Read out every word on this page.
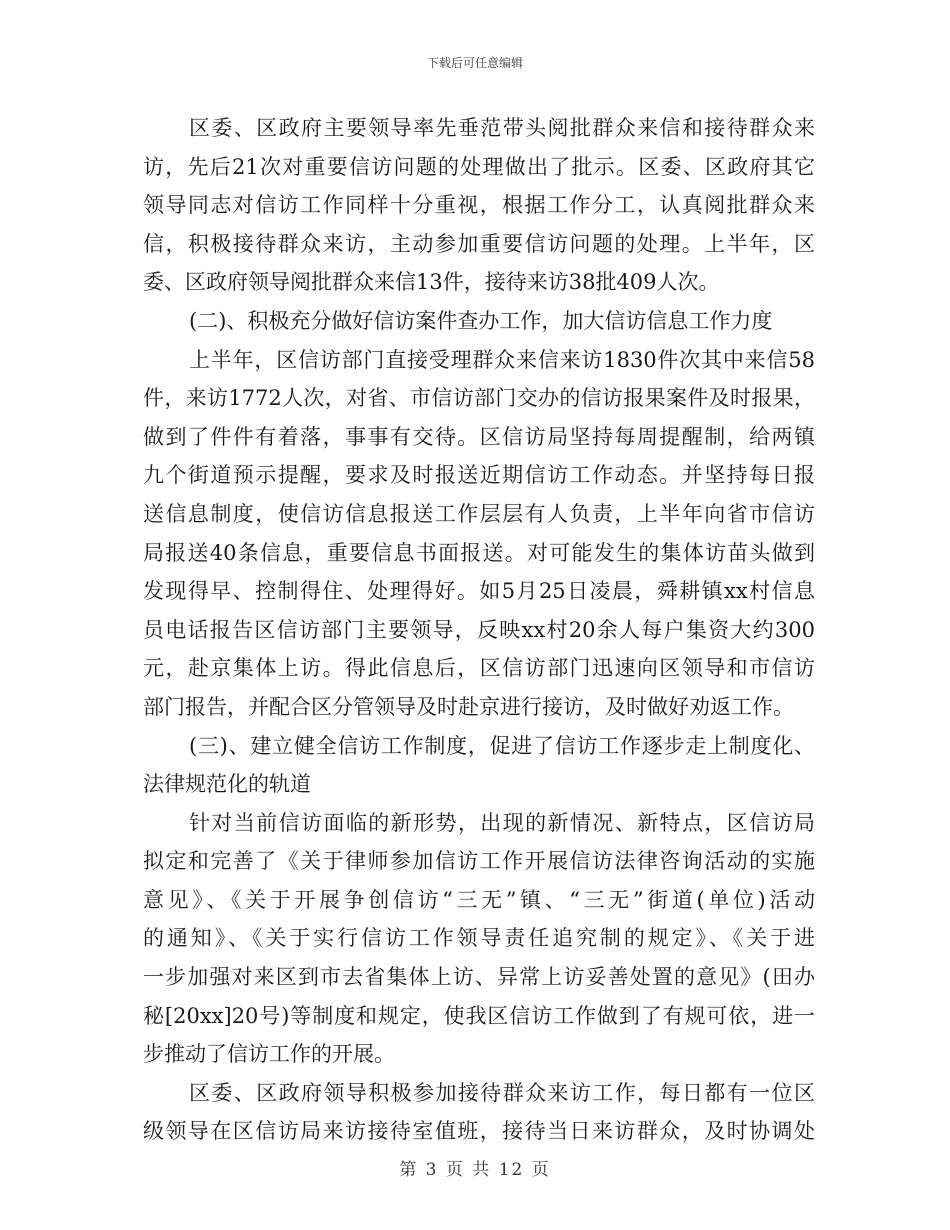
下载后可任意编辑
区委、区政府主要领导率先垂范带头阅批群众来信和接待群众来
访，先后21次对重要信访问题的处理做出了批示。区委、区政府其它
领导同志对信访工作同样十分重视，根据工作分工，认真阅批群众来
信，积极接待群众来访，主动参加重要信访问题的处理。上半年，区
委、区政府领导阅批群众来信13件，接待来访38批409人次。
(二)、积极充分做好信访案件查办工作，加大信访信息工作力度
上半年，区信访部门直接受理群众来信来访1830件次其中来信58
件，来访1772人次，对省、市信访部门交办的信访报果案件及时报果，
做到了件件有着落，事事有交待。区信访局坚持每周提醒制，给两镇
九个街道预示提醒，要求及时报送近期信访工作动态。并坚持每日报
送信息制度，使信访信息报送工作层层有人负责，上半年向省市信访
局报送40条信息，重要信息书面报送。对可能发生的集体访苗头做到
发现得早、控制得住、处理得好。如5月25日凌晨，舜耕镇xx村信息
员电话报告区信访部门主要领导，反映xx村20余人每户集资大约300
元，赴京集体上访。得此信息后，区信访部门迅速向区领导和市信访
部门报告，并配合区分管领导及时赴京进行接访，及时做好劝返工作。
(三)、建立健全信访工作制度，促进了信访工作逐步走上制度化、
法律规范化的轨道
针对当前信访面临的新形势，出现的新情况、新特点，区信访局
拟定和完善了《关于律师参加信访工作开展信访法律咨询活动的实施
意见》、《关于开展争创信访“三无”镇、“三无”街道(单位)活动
的通知》、《关于实行信访工作领导责任追究制的规定》、《关于进
一步加强对来区到市去省集体上访、异常上访妥善处置的意见》(田办
秘[20xx]20号)等制度和规定，使我区信访工作做到了有规可依，进一
步推动了信访工作的开展。
区委、区政府领导积极参加接待群众来访工作，每日都有一位区
级领导在区信访局来访接待室值班，接待当日来访群众，及时协调处
第 3 页 共 12 页
